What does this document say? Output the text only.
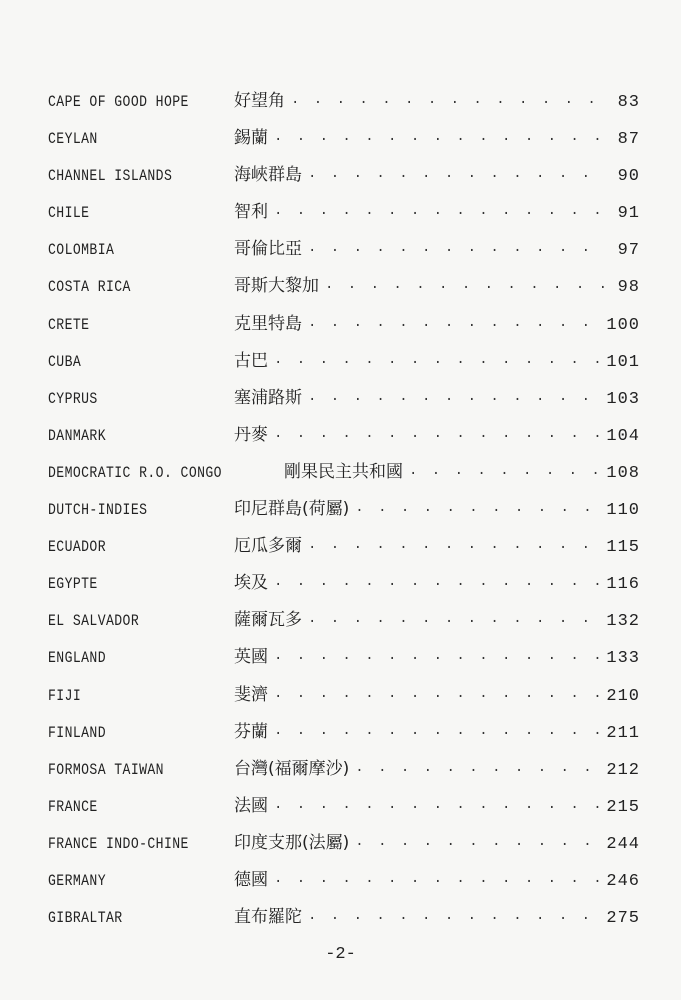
CAPE OF GOOD HOPE	好望角 · · ·	83
CEYLAN	錫蘭 · · ·	87
CHANNEL ISLANDS	海峽群島 · · ·	90
CHILE	智利 · · ·	91
COLOMBIA	哥倫比亞 · · ·	97
COSTA RICA	哥斯大黎加 · · ·	98
CRETE	克里特島 · · ·	100
CUBA	古巴 · · ·	101
CYPRUS	塞浦路斯 · · ·	103
DANMARK	丹麥 · · ·	104
DEMOCRATIC R.O. CONGO	剛果民主共和國 · · ·	108
DUTCH-INDIES	印尼群島(荷屬) · · ·	110
ECUADOR	厄瓜多爾 · · ·	115
EGYPTE	埃及 · · ·	116
EL SALVADOR	薩爾瓦多 · · ·	132
ENGLAND	英國 · · ·	133
FIJI	斐濟 · · ·	210
FINLAND	芬蘭 · · ·	211
FORMOSA TAIWAN	台灣(福爾摩沙) · · ·	212
FRANCE	法國 · · ·	215
FRANCE INDO-CHINE	印度支那(法屬) · · ·	244
GERMANY	德國 · · ·	246
GIBRALTAR	直布羅陀 · · ·	275
-2-
